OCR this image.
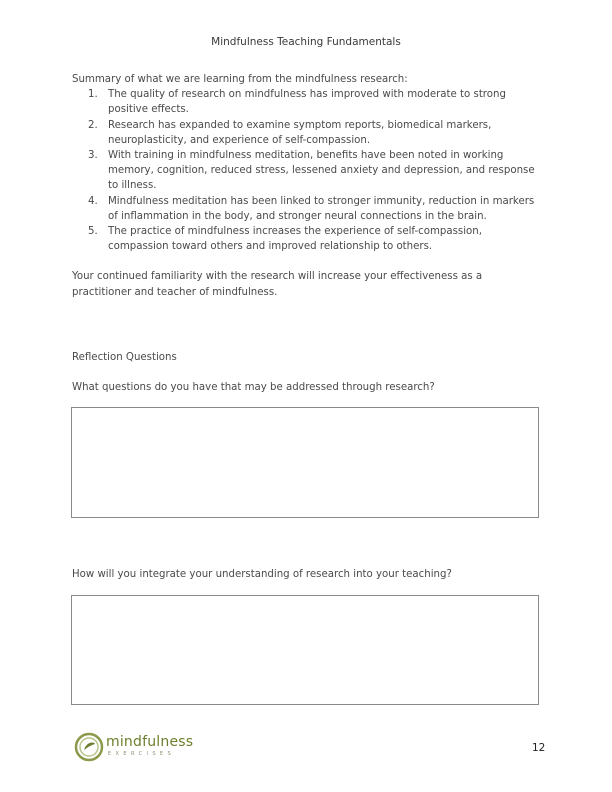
Mindfulness Teaching Fundamentals

Summary of what we are learning from the mindfulness research:

1. The quality of research on mindfulness has improved with moderate to strong positive effects.
2. Research has expanded to examine symptom reports, biomedical markers, neuroplasticity, and experience of self-compassion.
3. With training in mindfulness meditation, benefits have been noted in working memory, cognition, reduced stress, lessened anxiety and depression, and response to illness.
4. Mindfulness meditation has been linked to stronger immunity, reduction in markers of inflammation in the body, and stronger neural connections in the brain.
5. The practice of mindfulness increases the experience of self-compassion, compassion toward others and improved relationship to others.

Your continued familiarity with the research will increase your effectiveness as a practitioner and teacher of mindfulness.

Reflection Questions
What questions do you have that may be addressed through research?
How will you integrate your understanding of research into your teaching?
mindfulness
EXERCISES	12
